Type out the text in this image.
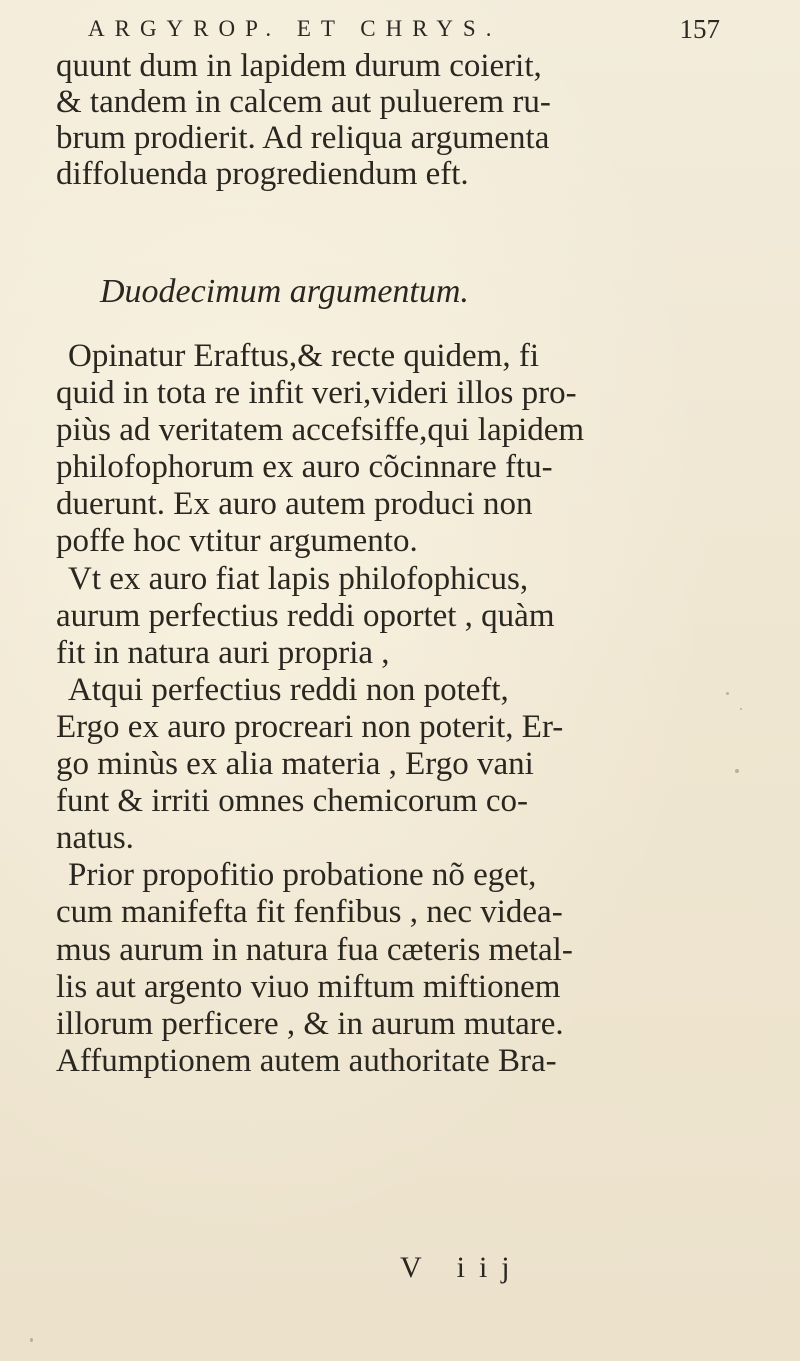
ARGYROP. ET CHRYS.	157
quunt dum in lapidem durum coierit,
& tandem in calcem aut puluerem ru-
brum prodierit. Ad reliqua argumenta
diffoluenda progrediendum eft.
Duodecimum argumentum.
Opinatur Eraftus,& recte quidem, fi
quid in tota re infit veri,videri illos pro-
piùs ad veritatem accefsiffe,qui lapidem
philofophorum ex auro cõcinnare ftu-
duerunt. Ex auro autem produci non
poffe hoc vtitur argumento.
Vt ex auro fiat lapis philofophicus,
aurum perfectius reddi oportet , quàm
fit in natura auri propria ,
Atqui perfectius reddi non poteft,
Ergo ex auro procreari non poterit, Er-
go minùs ex alia materia , Ergo vani
funt & irriti omnes chemicorum co-
natus.
Prior propofitio probatione nõ eget,
cum manifefta fit fenfibus , nec videa-
mus aurum in natura fua cæteris metal-
lis aut argento viuo miftum miftionem
illorum perficere , & in aurum mutare.
Affumptionem autem authoritate Bra-
V iij
